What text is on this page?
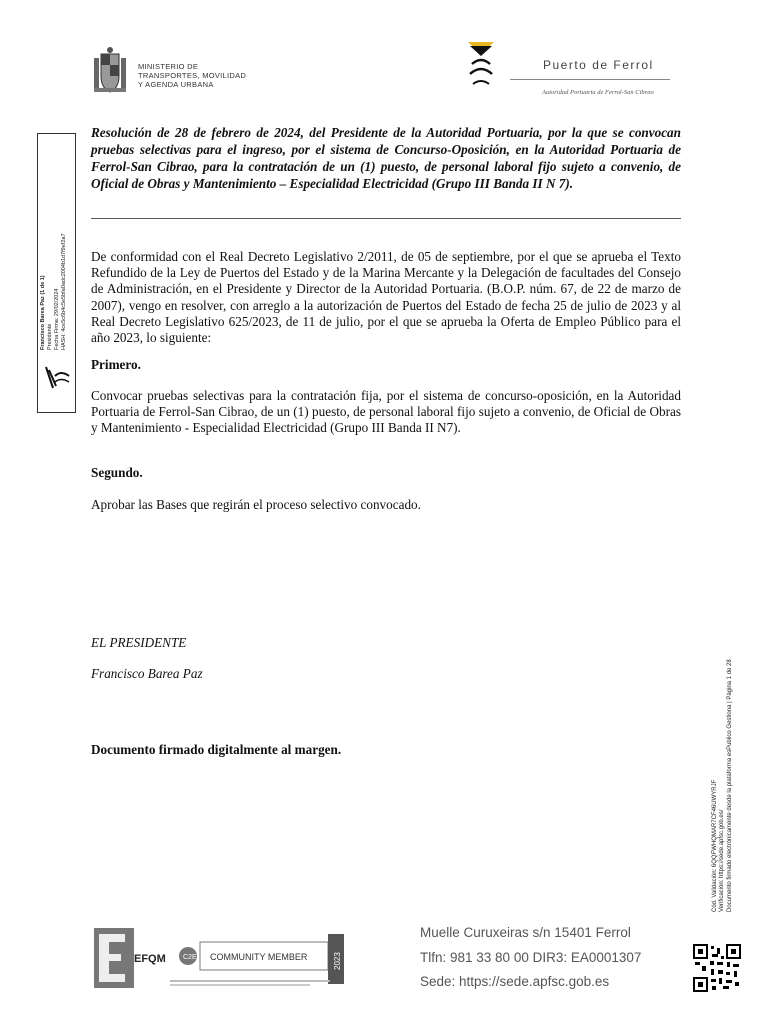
MINISTERIO DE
TRANSPORTES, MOVILIDAD
Y AGENDA URBANA
Puerto de Ferrol
Autoridad Portuaria de Ferrol-San Cibrao
Francisco Barea Paz (1 de 1) Presidente Fecha Firma: 29/02/2024 HASH: 4ce5c6b4c5e5bfa0adc2004b1d7f9ef2a7
Resolución de 28 de febrero de 2024, del Presidente de la Autoridad Portuaria, por la que se convocan pruebas selectivas para el ingreso, por el sistema de Concurso-Oposición, en la Autoridad Portuaria de Ferrol-San Cibrao, para la contratación de un (1) puesto, de personal laboral fijo sujeto a convenio, de Oficial de Obras y Mantenimiento – Especialidad Electricidad (Grupo III Banda II N 7).
De conformidad con el Real Decreto Legislativo 2/2011, de 05 de septiembre, por el que se aprueba el Texto Refundido de la Ley de Puertos del Estado y de la Marina Mercante y la Delegación de facultades del Consejo de Administración, en el Presidente y Director de la Autoridad Portuaria. (B.O.P. núm. 67, de 22 de marzo de 2007), vengo en resolver, con arreglo a la autorización de Puertos del Estado de fecha 25 de julio de 2023 y al Real Decreto Legislativo 625/2023, de 11 de julio, por el que se aprueba la Oferta de Empleo Público para el año 2023, lo siguiente:
Primero.
Convocar pruebas selectivas para la contratación fija, por el sistema de concurso-oposición, en la Autoridad Portuaria de Ferrol-San Cibrao, de un (1) puesto, de personal laboral fijo sujeto a convenio, de Oficial de Obras y Mantenimiento - Especialidad Electricidad (Grupo III Banda II N7).
Segundo.
Aprobar las Bases que regirán el proceso selectivo convocado.
EL PRESIDENTE
Francisco Barea Paz
Documento firmado digitalmente al margen.
Cód. Validación: 6QQFWHQMAR7CF46UWYRJF Verificación: https://sede.apfsc.gob.es/ Documento firmado electrónicamente desde la plataforma esPublico Gestiona | Página 1 de 28
EFQM C2E COMMUNITY MEMBER	2023
Muelle Curuxeiras s/n 15401 Ferrol
Tlfn: 981 33 80 00 DIR3: EA0001307
Sede: https://sede.apfsc.gob.es
